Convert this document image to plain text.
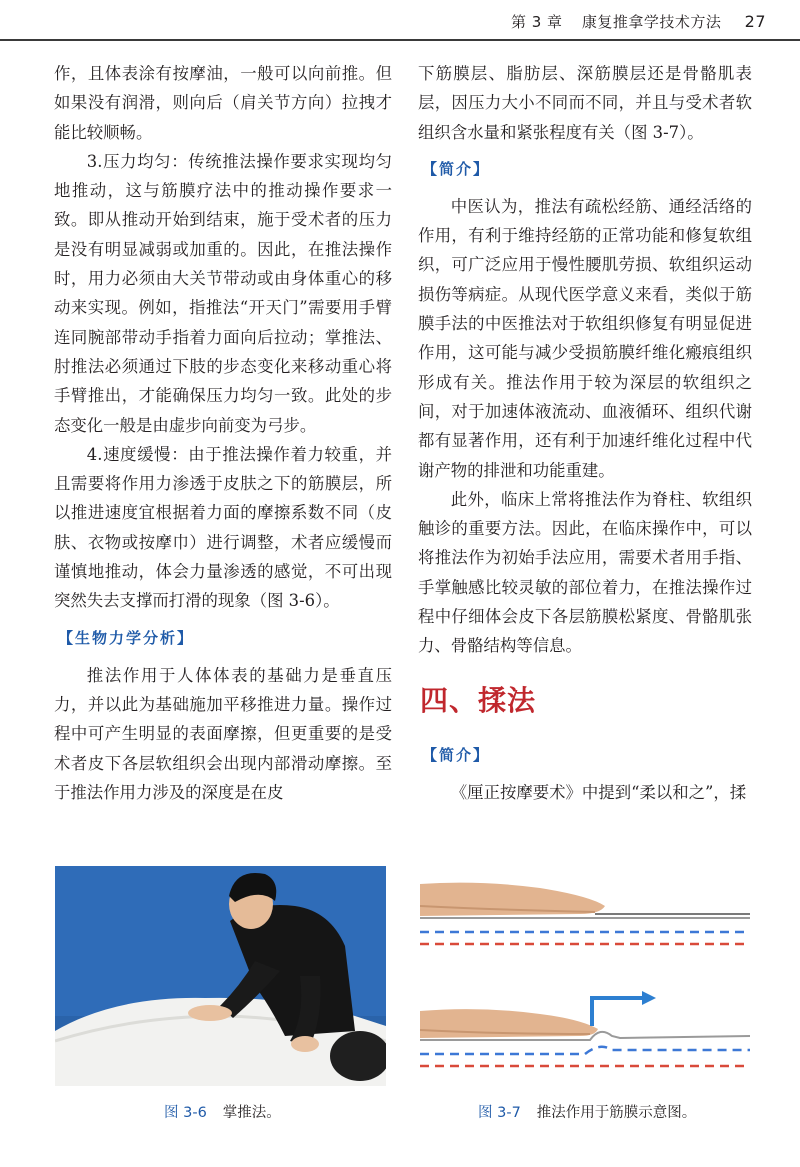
第 3 章 康复推拿学技术方法 27

作，且体表涂有按摩油，一般可以向前推。但如果没有润滑，则向后（肩关节方向）拉拽才能比较顺畅。

3.压力均匀：传统推法操作要求实现均匀地推动，这与筋膜疗法中的推动操作要求一致。即从推动开始到结束，施于受术者的压力是没有明显减弱或加重的。因此，在推法操作时，用力必须由大关节带动或由身体重心的移动来实现。例如，指推法“开天门”需要用手臂连同腕部带动手指着力面向后拉动；掌推法、肘推法必须通过下肢的步态变化来移动重心将手臂推出，才能确保压力均匀一致。此处的步态变化一般是由虚步向前变为弓步。

4.速度缓慢：由于推法操作着力较重，并且需要将作用力渗透于皮肤之下的筋膜层，所以推进速度宜根据着力面的摩擦系数不同（皮肤、衣物或按摩巾）进行调整，术者应缓慢而谨慎地推动，体会力量渗透的感觉，不可出现突然失去支撑而打滑的现象（图 3-6）。

【生物力学分析】

推法作用于人体体表的基础力是垂直压力，并以此为基础施加平移推进力量。操作过程中可产生明显的表面摩擦，但更重要的是受术者皮下各层软组织会出现内部滑动摩擦。至于推法作用力涉及的深度是在皮

下筋膜层、脂肪层、深筋膜层还是骨骼肌表层，因压力大小不同而不同，并且与受术者软组织含水量和紧张程度有关（图 3-7）。

【简介】

中医认为，推法有疏松经筋、通经活络的作用，有利于维持经筋的正常功能和修复软组织，可广泛应用于慢性腰肌劳损、软组织运动损伤等病症。从现代医学意义来看，类似于筋膜手法的中医推法对于软组织修复有明显促进作用，这可能与减少受损筋膜纤维化瘢痕组织形成有关。推法作用于较为深层的软组织之间，对于加速体液流动、血液循环、组织代谢都有显著作用，还有利于加速纤维化过程中代谢产物的排泄和功能重建。

此外，临床上常将推法作为脊柱、软组织触诊的重要方法。因此，在临床操作中，可以将推法作为初始手法应用，需要术者用手指、手掌触感比较灵敏的部位着力，在推法操作过程中仔细体会皮下各层筋膜松紧度、骨骼肌张力、骨骼结构等信息。

四、揉法
【简介】

《厘正按摩要术》中提到“柔以和之”，揉

图 3-6 掌推法。	图 3-7 推法作用于筋膜示意图。
